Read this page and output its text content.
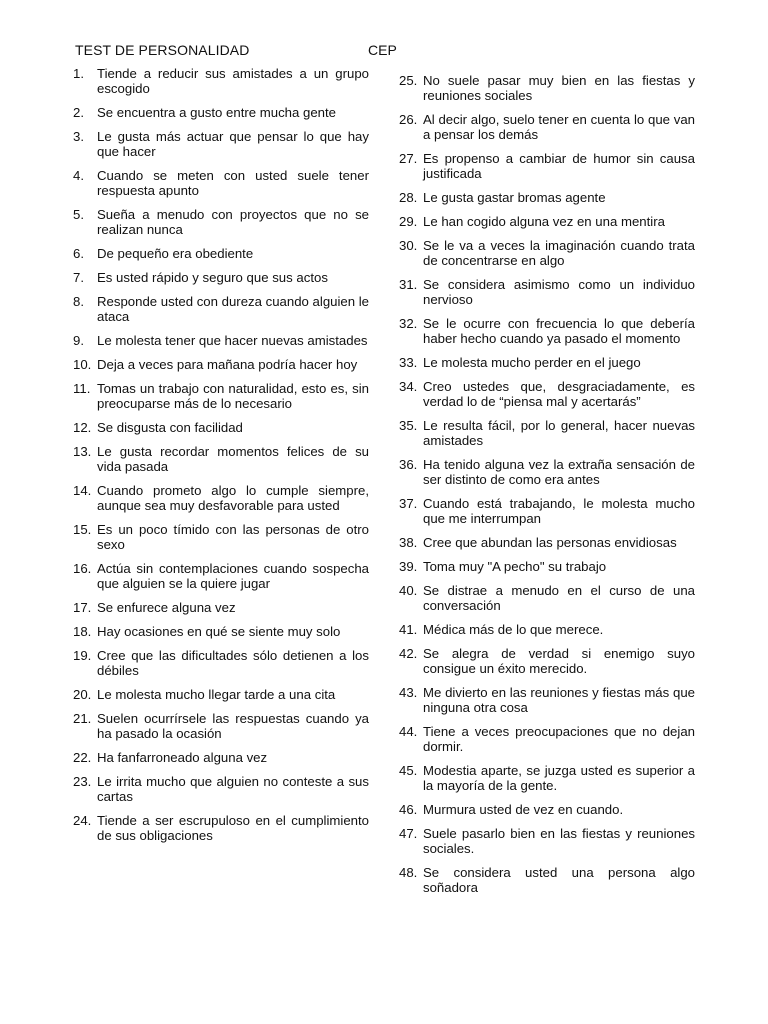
TEST DE PERSONALIDAD	CEP
1. Tiende a reducir sus amistades a un grupo escogido
2. Se encuentra a gusto entre mucha gente
3. Le gusta más actuar que pensar lo que hay que hacer
4. Cuando se meten con usted suele tener respuesta apunto
5. Sueña a menudo con proyectos que no se realizan nunca
6. De pequeño era obediente
7. Es usted rápido y seguro que sus actos
8. Responde usted con dureza cuando alguien le ataca
9. Le molesta tener que hacer nuevas amistades
10. Deja a veces para mañana podría hacer hoy
11. Tomas un trabajo con naturalidad, esto es, sin preocuparse más de lo necesario
12. Se disgusta con facilidad
13. Le gusta recordar momentos felices de su vida pasada
14. Cuando prometo algo lo cumple siempre, aunque sea muy desfavorable para usted
15. Es un poco tímido con las personas de otro sexo
16. Actúa sin contemplaciones cuando sospecha que alguien se la quiere jugar
17. Se enfurece alguna vez
18. Hay ocasiones en qué se siente muy solo
19. Cree que las dificultades sólo detienen a los débiles
20. Le molesta mucho llegar tarde a una cita
21. Suelen ocurrírsele las respuestas cuando ya ha pasado la ocasión
22. Ha fanfarroneado alguna vez
23. Le irrita mucho que alguien no conteste a sus cartas
24. Tiende a ser escrupuloso en el cumplimiento de sus obligaciones
25. No suele pasar muy bien en las fiestas y reuniones sociales
26. Al decir algo, suelo tener en cuenta lo que van a pensar los demás
27. Es propenso a cambiar de humor sin causa justificada
28. Le gusta gastar bromas agente
29. Le han cogido alguna vez en una mentira
30. Se le va a veces la imaginación cuando trata de concentrarse en algo
31. Se considera asimismo como un individuo nervioso
32. Se le ocurre con frecuencia lo que debería haber hecho cuando ya pasado el momento
33. Le molesta mucho perder en el juego
34. Creo ustedes que, desgraciadamente, es verdad lo de “piensa mal y acertarás”
35. Le resulta fácil, por lo general, hacer nuevas amistades
36. Ha tenido alguna vez la extraña sensación de ser distinto de como era antes
37. Cuando está trabajando, le molesta mucho que me interrumpan
38. Cree que abundan las personas envidiosas
39. Toma muy "A pecho" su trabajo
40. Se distrae a menudo en el curso de una conversación
41. Médica más de lo que merece.
42. Se alegra de verdad si enemigo suyo consigue un éxito merecido.
43. Me divierto en las reuniones y fiestas más que ninguna otra cosa
44. Tiene a veces preocupaciones que no dejan dormir.
45. Modestia aparte, se juzga usted es superior a la mayoría de la gente.
46. Murmura usted de vez en cuando.
47. Suele pasarlo bien en las fiestas y reuniones sociales.
48. Se considera usted una persona algo soñadora
